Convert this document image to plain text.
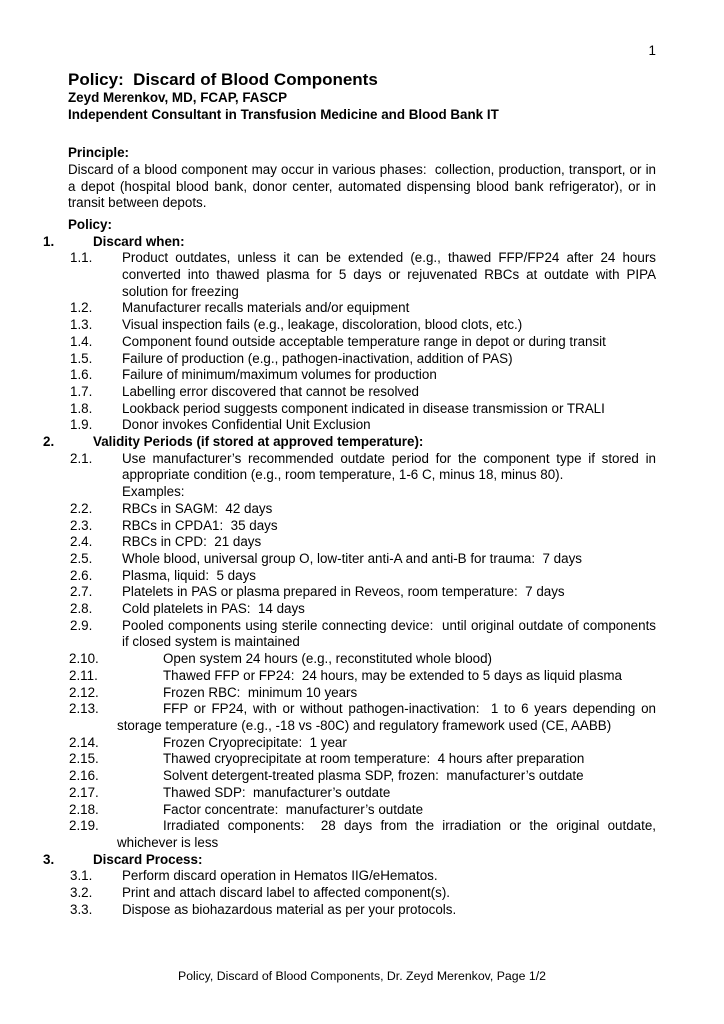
1
Policy:  Discard of Blood Components
Zeyd Merenkov, MD, FCAP, FASCP
Independent Consultant in Transfusion Medicine and Blood Bank IT
Principle:

Discard of a blood component may occur in various phases:  collection, production, transport, or in a depot (hospital blood bank, donor center, automated dispensing blood bank refrigerator), or in transit between depots.

Policy:
1.	Discard when:
1.1. Product outdates, unless it can be extended (e.g., thawed FFP/FP24 after 24 hours converted into thawed plasma for 5 days or rejuvenated RBCs at outdate with PIPA solution for freezing
1.2. Manufacturer recalls materials and/or equipment
1.3. Visual inspection fails (e.g., leakage, discoloration, blood clots, etc.)
1.4. Component found outside acceptable temperature range in depot or during transit
1.5. Failure of production (e.g., pathogen-inactivation, addition of PAS)
1.6. Failure of minimum/maximum volumes for production
1.7. Labelling error discovered that cannot be resolved
1.8. Lookback period suggests component indicated in disease transmission or TRALI
1.9. Donor invokes Confidential Unit Exclusion
2.	Validity Periods (if stored at approved temperature):
2.1. Use manufacturer’s recommended outdate period for the component type if stored in appropriate condition (e.g., room temperature, 1-6 C, minus 18, minus 80).
Examples:
2.2. RBCs in SAGM:  42 days
2.3. RBCs in CPDA1:  35 days
2.4. RBCs in CPD:  21 days
2.5. Whole blood, universal group O, low-titer anti-A and anti-B for trauma:  7 days
2.6. Plasma, liquid:  5 days
2.7. Platelets in PAS or plasma prepared in Reveos, room temperature:  7 days
2.8. Cold platelets in PAS:  14 days
2.9. Pooled components using sterile connecting device:  until original outdate of components if closed system is maintained
2.10.	Open system 24 hours (e.g., reconstituted whole blood)
2.11.	Thawed FFP or FP24:  24 hours, may be extended to 5 days as liquid plasma
2.12.	Frozen RBC:  minimum 10 years
2.13.	FFP or FP24, with or without pathogen-inactivation:  1 to 6 years depending on storage temperature (e.g., -18 vs -80C) and regulatory framework used (CE, AABB)
2.14.	Frozen Cryoprecipitate:  1 year
2.15.	Thawed cryoprecipitate at room temperature:  4 hours after preparation
2.16.	Solvent detergent-treated plasma SDP, frozen:  manufacturer’s outdate
2.17.	Thawed SDP:  manufacturer’s outdate
2.18.	Factor concentrate:  manufacturer’s outdate
2.19.	Irradiated components:  28 days from the irradiation or the original outdate, whichever is less
3.	Discard Process:
3.1. Perform discard operation in Hematos IIG/eHematos.
3.2. Print and attach discard label to affected component(s).
3.3. Dispose as biohazardous material as per your protocols.
Policy, Discard of Blood Components, Dr. Zeyd Merenkov, Page 1/2
